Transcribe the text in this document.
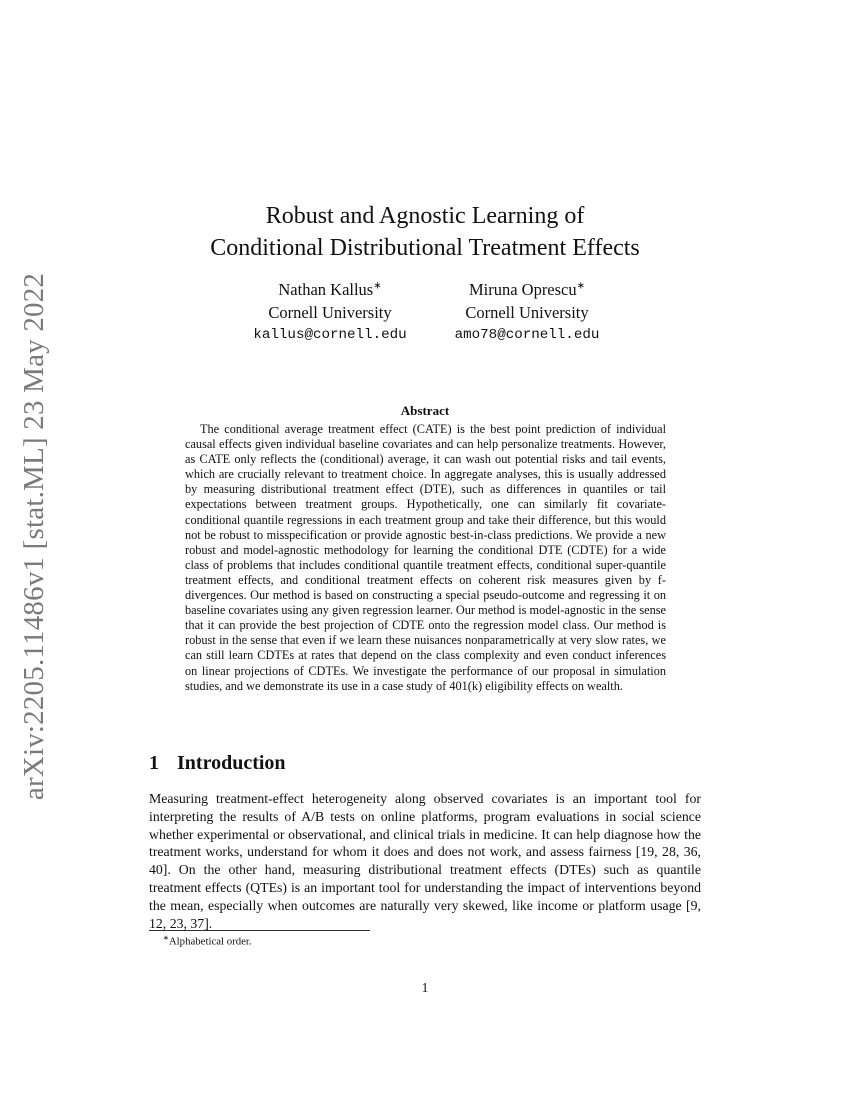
arXiv:2205.11486v1 [stat.ML] 23 May 2022
Robust and Agnostic Learning of
Conditional Distributional Treatment Effects
Nathan Kallus∗
Cornell University
kallus@cornell.edu
Miruna Oprescu∗
Cornell University
amo78@cornell.edu
Abstract

The conditional average treatment effect (CATE) is the best point prediction of individual causal effects given individual baseline covariates and can help personalize treatments. However, as CATE only reflects the (conditional) average, it can wash out potential risks and tail events, which are crucially relevant to treatment choice. In aggregate analyses, this is usually addressed by measuring distributional treatment effect (DTE), such as differences in quantiles or tail expectations between treatment groups. Hypothetically, one can similarly fit covariate-conditional quantile regressions in each treatment group and take their difference, but this would not be robust to misspecification or provide agnostic best-in-class predictions. We provide a new robust and model-agnostic methodology for learning the conditional DTE (CDTE) for a wide class of problems that includes conditional quantile treatment effects, conditional super-quantile treatment effects, and conditional treatment effects on coherent risk measures given by f-divergences. Our method is based on constructing a special pseudo-outcome and regressing it on baseline covariates using any given regression learner. Our method is model-agnostic in the sense that it can provide the best projection of CDTE onto the regression model class. Our method is robust in the sense that even if we learn these nuisances nonparametrically at very slow rates, we can still learn CDTEs at rates that depend on the class complexity and even conduct inferences on linear projections of CDTEs. We investigate the performance of our proposal in simulation studies, and we demonstrate its use in a case study of 401(k) eligibility effects on wealth.

1 Introduction

Measuring treatment-effect heterogeneity along observed covariates is an important tool for interpreting the results of A/B tests on online platforms, program evaluations in social science whether experimental or observational, and clinical trials in medicine. It can help diagnose how the treatment works, understand for whom it does and does not work, and assess fairness [19, 28, 36, 40]. On the other hand, measuring distributional treatment effects (DTEs) such as quantile treatment effects (QTEs) is an important tool for understanding the impact of interventions beyond the mean, especially when outcomes are naturally very skewed, like income or platform usage [9, 12, 23, 37].

∗Alphabetical order.
1
